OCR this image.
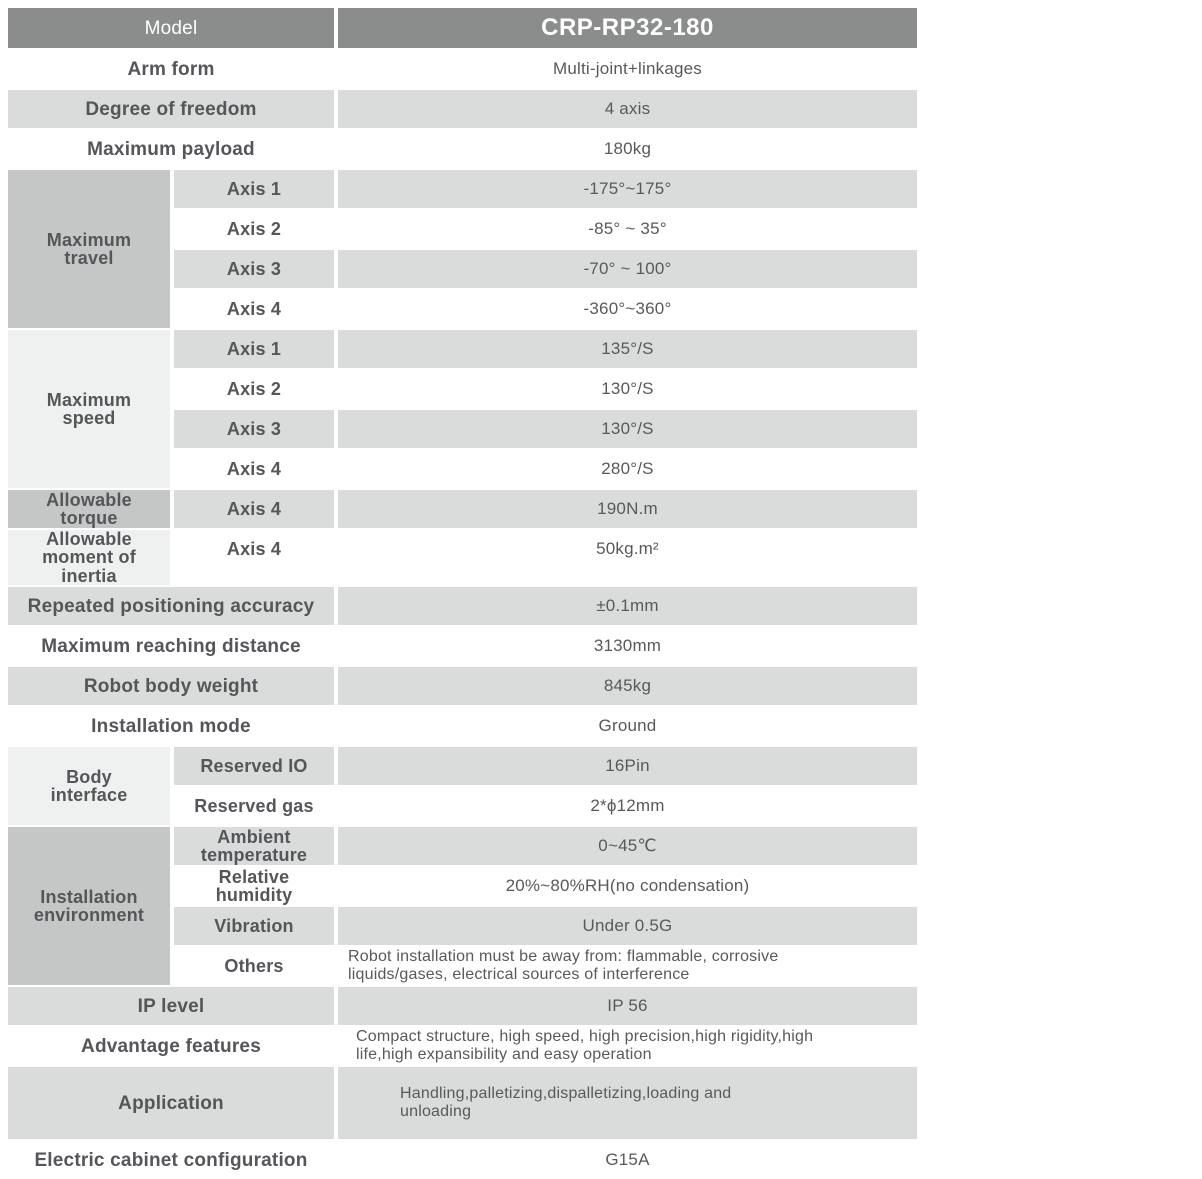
Model	CRP-RP32-180
Arm form	Multi-joint+linkages
Degree of freedom	4 axis
Maximum payload	180kg
Maximum travel
Axis 1	-175°~175°
Axis 2	-85° ~ 35°
Axis 3	-70° ~ 100°
Axis 4	-360°~360°
Maximum speed
Axis 1	135°/S
Axis 2	130°/S
Axis 3	130°/S
Axis 4	280°/S
Allowable torque	Axis 4	190N.m
Allowable moment of inertia
Axis 4	50kg.m²
Repeated positioning accuracy	±0.1mm
Maximum reaching distance	3130mm
Robot body weight	845kg
Installation mode	Ground
Body interface
Reserved IO	16Pin
Reserved gas	2*ϕ12mm
Installation environment
Ambient temperature	0~45℃
Relative humidity	20%~80%RH(no condensation)
Vibration	Under 0.5G
Others	Robot installation must be away from: flammable, corrosive liquids/gases, electrical sources of interference
IP level	IP 56
Advantage features	Compact structure, high speed, high precision,high rigidity,high life,high expansibility and easy operation
Application	Handling,palletizing,dispalletizing,loading and unloading
Electric cabinet configuration	G15A
